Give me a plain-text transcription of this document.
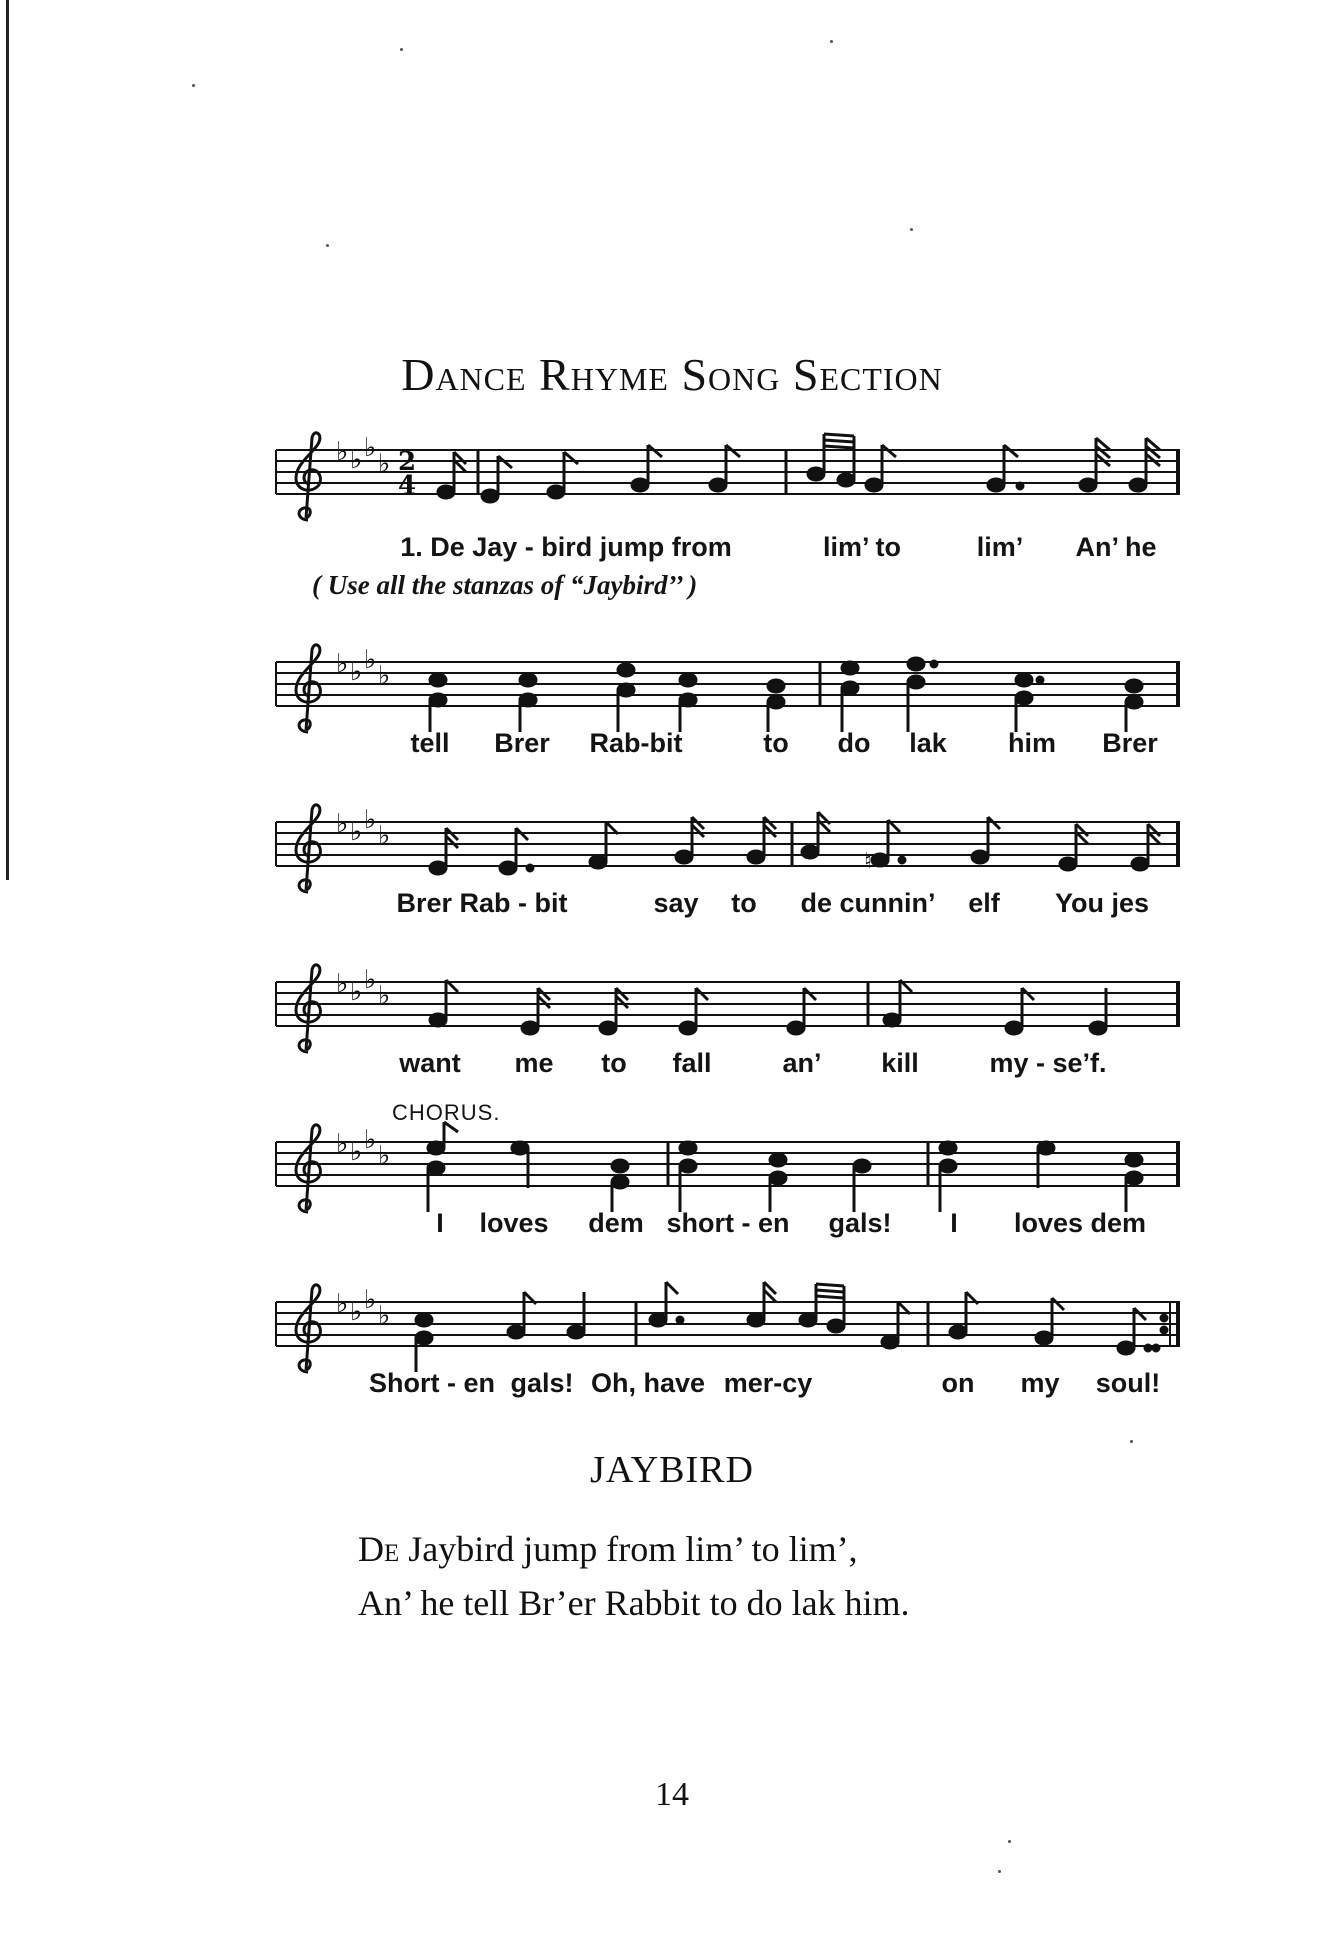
Dance Rhyme Song Section
♭ ♭ ♭
♭ 2
4
1. De Jay - bird jump from	lim’ to	lim’ An’ he
( Use all the stanzas of “Jaybird’’ )
♭ ♭ ♭
♭
tell Brer Rab-bit	to do lak him Brer
♭ ♭ ♭
♭
♮
Brer Rab - bit	say to de cunnin’ elf You jes
♭ ♭ ♭
♭
want me to fall	an’ kill	my - se’f.
CHORUS.
♭ ♭ ♭
♭
I loves dem short - en gals! I loves dem
♭ ♭ ♭
♭
Short - en gals! Oh, have mer-cy	on my soul!
JAYBIRD
De Jaybird jump from lim’ to lim’,
An’ he tell Br’er Rabbit to do lak him.
14
